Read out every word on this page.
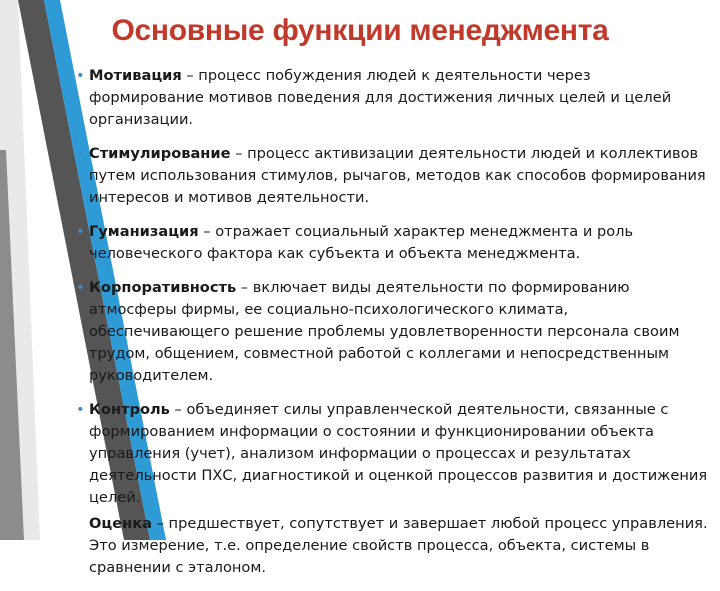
Основные функции менеджмента
• Мотивация – процесс побуждения людей к деятельности через формирование мотивов поведения для достижения личных целей и целей организации.

• Стимулирование – процесс активизации деятельности людей и коллективов путем использования стимулов, рычагов, методов как способов формирования интересов и мотивов деятельности.

• Гуманизация – отражает социальный характер менеджмента и роль человеческого фактора как субъекта и объекта менеджмента.

• Корпоративность – включает виды деятельности по формированию атмосферы фирмы, ее социально-психологического климата, обеспечивающего решение проблемы удовлетворенности персонала своим трудом, общением, совместной работой с коллегами и непосредственным руководителем.

• Контроль – объединяет силы управленческой деятельности, связанные с формированием информации о состоянии и функционировании объекта управления (учет), анализом информации о процессах и результатах деятельности ПХС, диагностикой и оценкой процессов развития и достижения целей.

Оценка – предшествует, сопутствует и завершает любой процесс управления. Это измерение, т.е. определение свойств процесса, объекта, системы в сравнении с эталоном.
